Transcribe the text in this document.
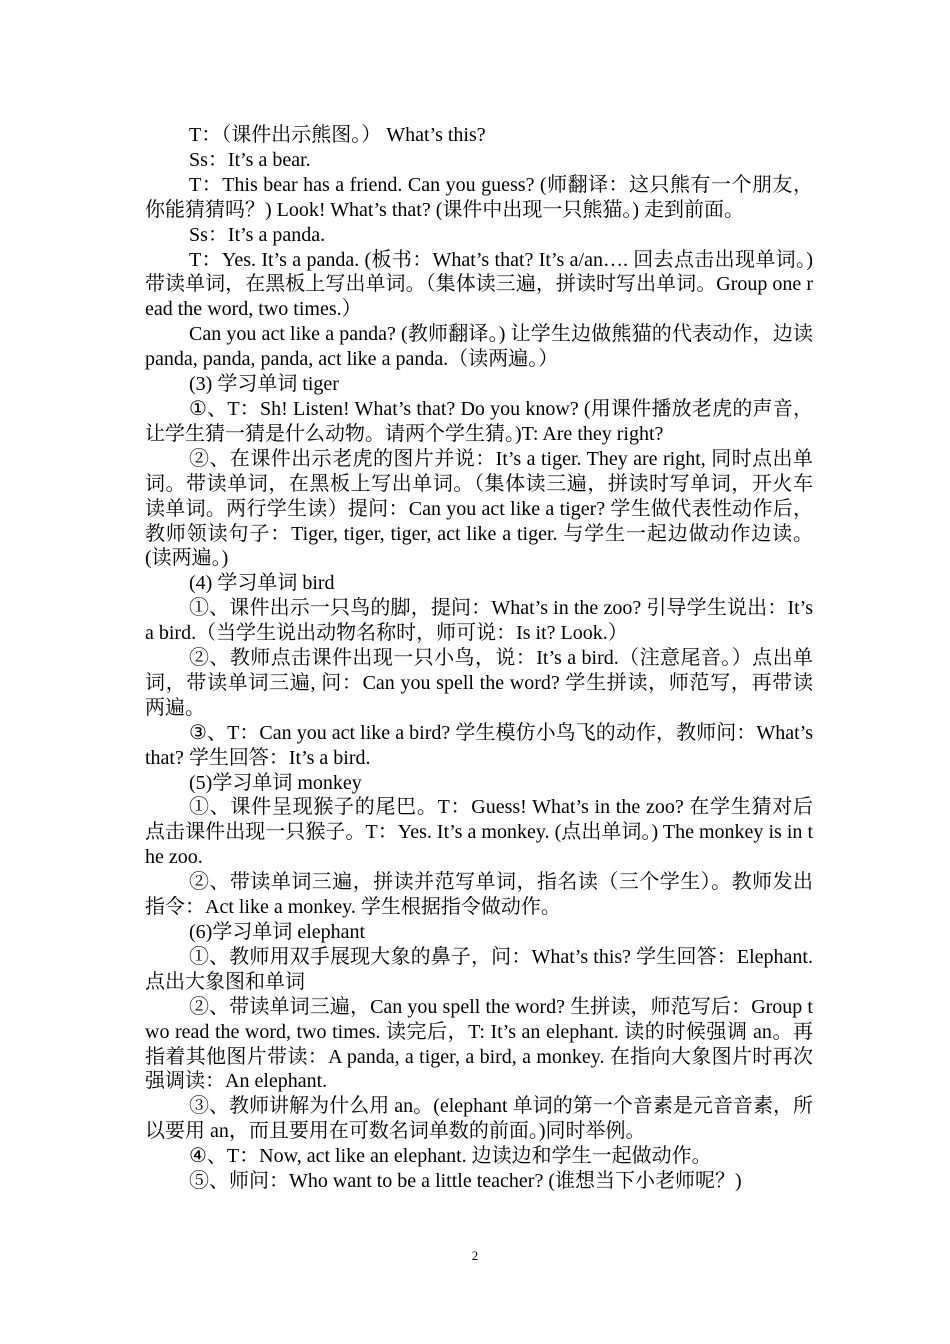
T：（课件出示熊图。） What’s this?

Ss：It’s a bear.

T：This bear has a friend. Can you guess? (师翻译：这只熊有一个朋友，你能猜猜吗？) Look! What’s that? (课件中出现一只熊猫。) 走到前面。

Ss：It’s a panda.

T：Yes. It’s a panda. (板书：What’s that? It’s a/an…. 回去点击出现单词。) 带读单词，在黑板上写出单词。（集体读三遍，拼读时写出单词。Group one read the word, two times.）

Can you act like a panda? (教师翻译。) 让学生边做熊猫的代表动作，边读 panda, panda, panda, act like a panda.（读两遍。）

(3) 学习单词 tiger

①、T：Sh! Listen! What’s that? Do you know? (用课件播放老虎的声音，让学生猜一猜是什么动物。请两个学生猜。)T: Are they right?

②、在课件出示老虎的图片并说：It’s a tiger. They are right, 同时点出单词。带读单词，在黑板上写出单词。（集体读三遍，拼读时写单词，开火车读单词。两行学生读）提问：Can you act like a tiger? 学生做代表性动作后，教师领读句子：Tiger, tiger, tiger, act like a tiger. 与学生一起边做动作边读。(读两遍。)

(4) 学习单词 bird

①、课件出示一只鸟的脚，提问：What’s in the zoo? 引导学生说出：It’s a bird.（当学生说出动物名称时，师可说：Is it? Look.）

②、教师点击课件出现一只小鸟，说：It’s a bird.（注意尾音。）点出单词，带读单词三遍, 问：Can you spell the word? 学生拼读，师范写，再带读两遍。

③、T：Can you act like a bird? 学生模仿小鸟飞的动作，教师问：What’s that? 学生回答：It’s a bird.

(5)学习单词 monkey

①、课件呈现猴子的尾巴。T：Guess! What’s in the zoo? 在学生猜对后点击课件出现一只猴子。T：Yes. It’s a monkey. (点出单词。) The monkey is in the zoo.

②、带读单词三遍，拼读并范写单词，指名读（三个学生）。教师发出指令：Act like a monkey. 学生根据指令做动作。

(6)学习单词 elephant

①、教师用双手展现大象的鼻子，问：What’s this? 学生回答：Elephant. 点出大象图和单词

②、带读单词三遍，Can you spell the word? 生拼读，师范写后：Group two read the word, two times. 读完后，T: It’s an elephant. 读的时候强调 an。再指着其他图片带读：A panda, a tiger, a bird, a monkey. 在指向大象图片时再次强调读：An elephant.

③、教师讲解为什么用 an。(elephant 单词的第一个音素是元音音素，所以要用 an，而且要用在可数名词单数的前面。)同时举例。

④、T：Now, act like an elephant. 边读边和学生一起做动作。

⑤、师问：Who want to be a little teacher? (谁想当下小老师呢？)

2
